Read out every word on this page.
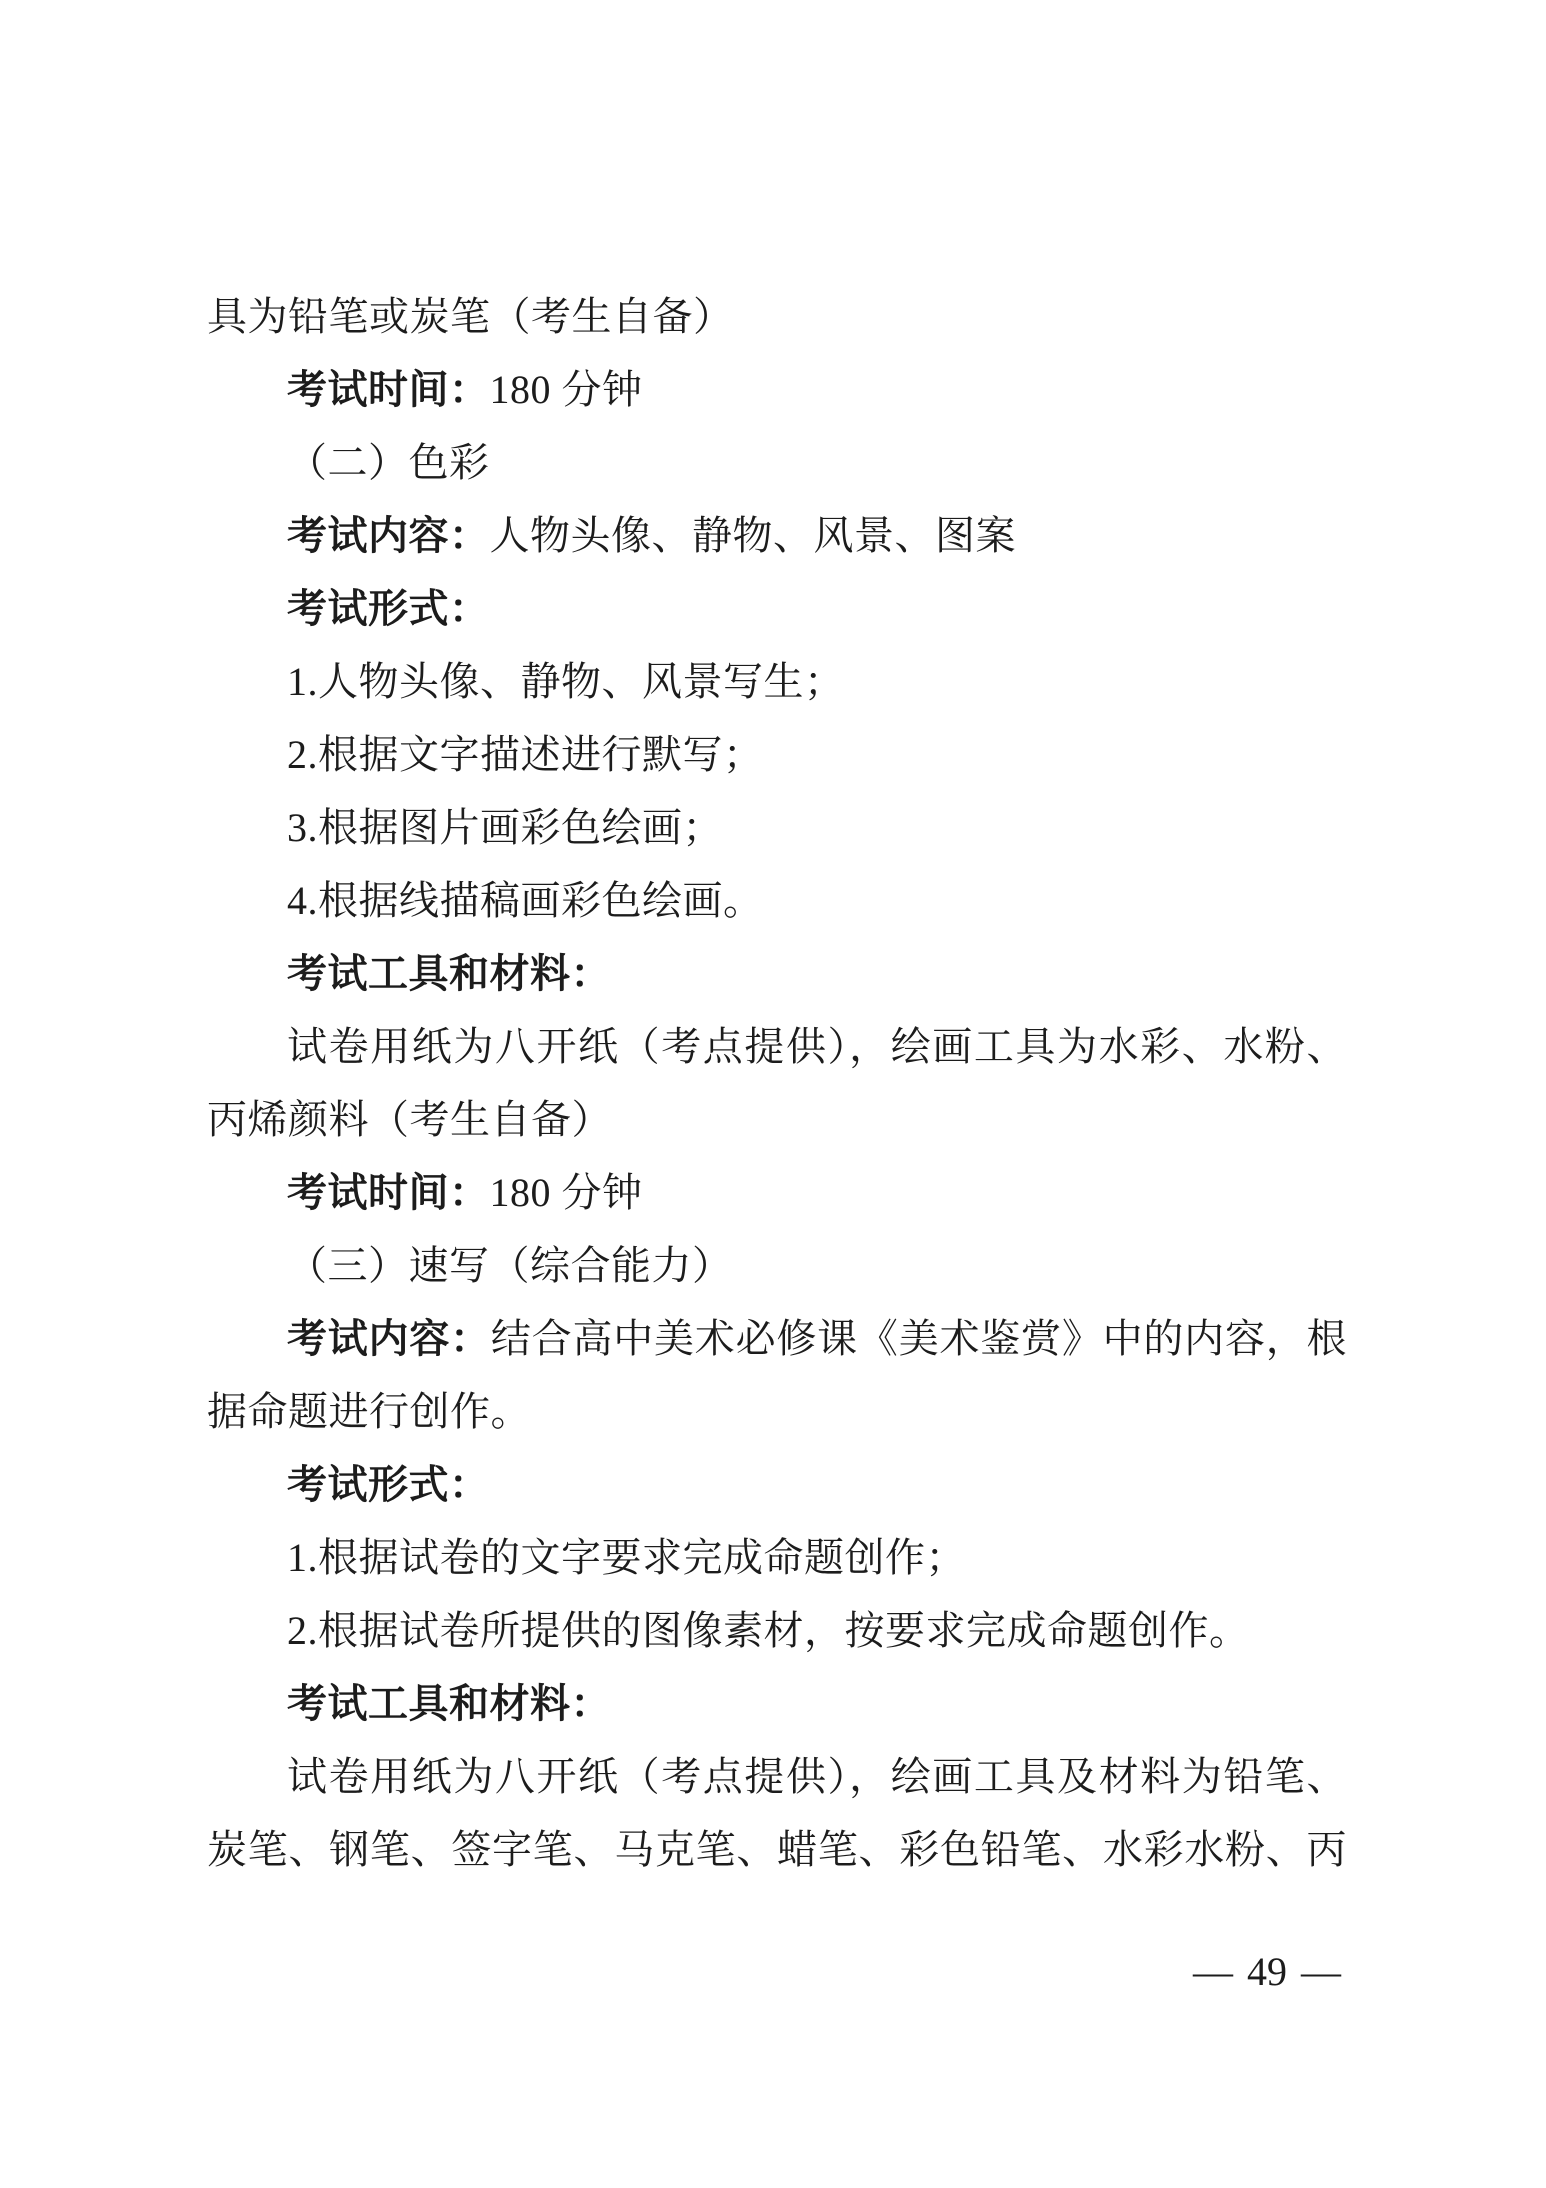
具为铅笔或炭笔（考生自备）
考试时间：180 分钟
（二）色彩
考试内容：人物头像、静物、风景、图案
考试形式：
1.人物头像、静物、风景写生；
2.根据文字描述进行默写；
3.根据图片画彩色绘画；
4.根据线描稿画彩色绘画。
考试工具和材料：
试卷用纸为八开纸（考点提供），绘画工具为水彩、水粉、
丙烯颜料（考生自备）
考试时间：180 分钟
（三）速写（综合能力）
考试内容：结合高中美术必修课《美术鉴赏》中的内容，根
据命题进行创作。
考试形式：
1.根据试卷的文字要求完成命题创作；
2.根据试卷所提供的图像素材，按要求完成命题创作。
考试工具和材料：
试卷用纸为八开纸（考点提供），绘画工具及材料为铅笔、
炭笔、钢笔、签字笔、马克笔、蜡笔、彩色铅笔、水彩水粉、丙
— 49 —
